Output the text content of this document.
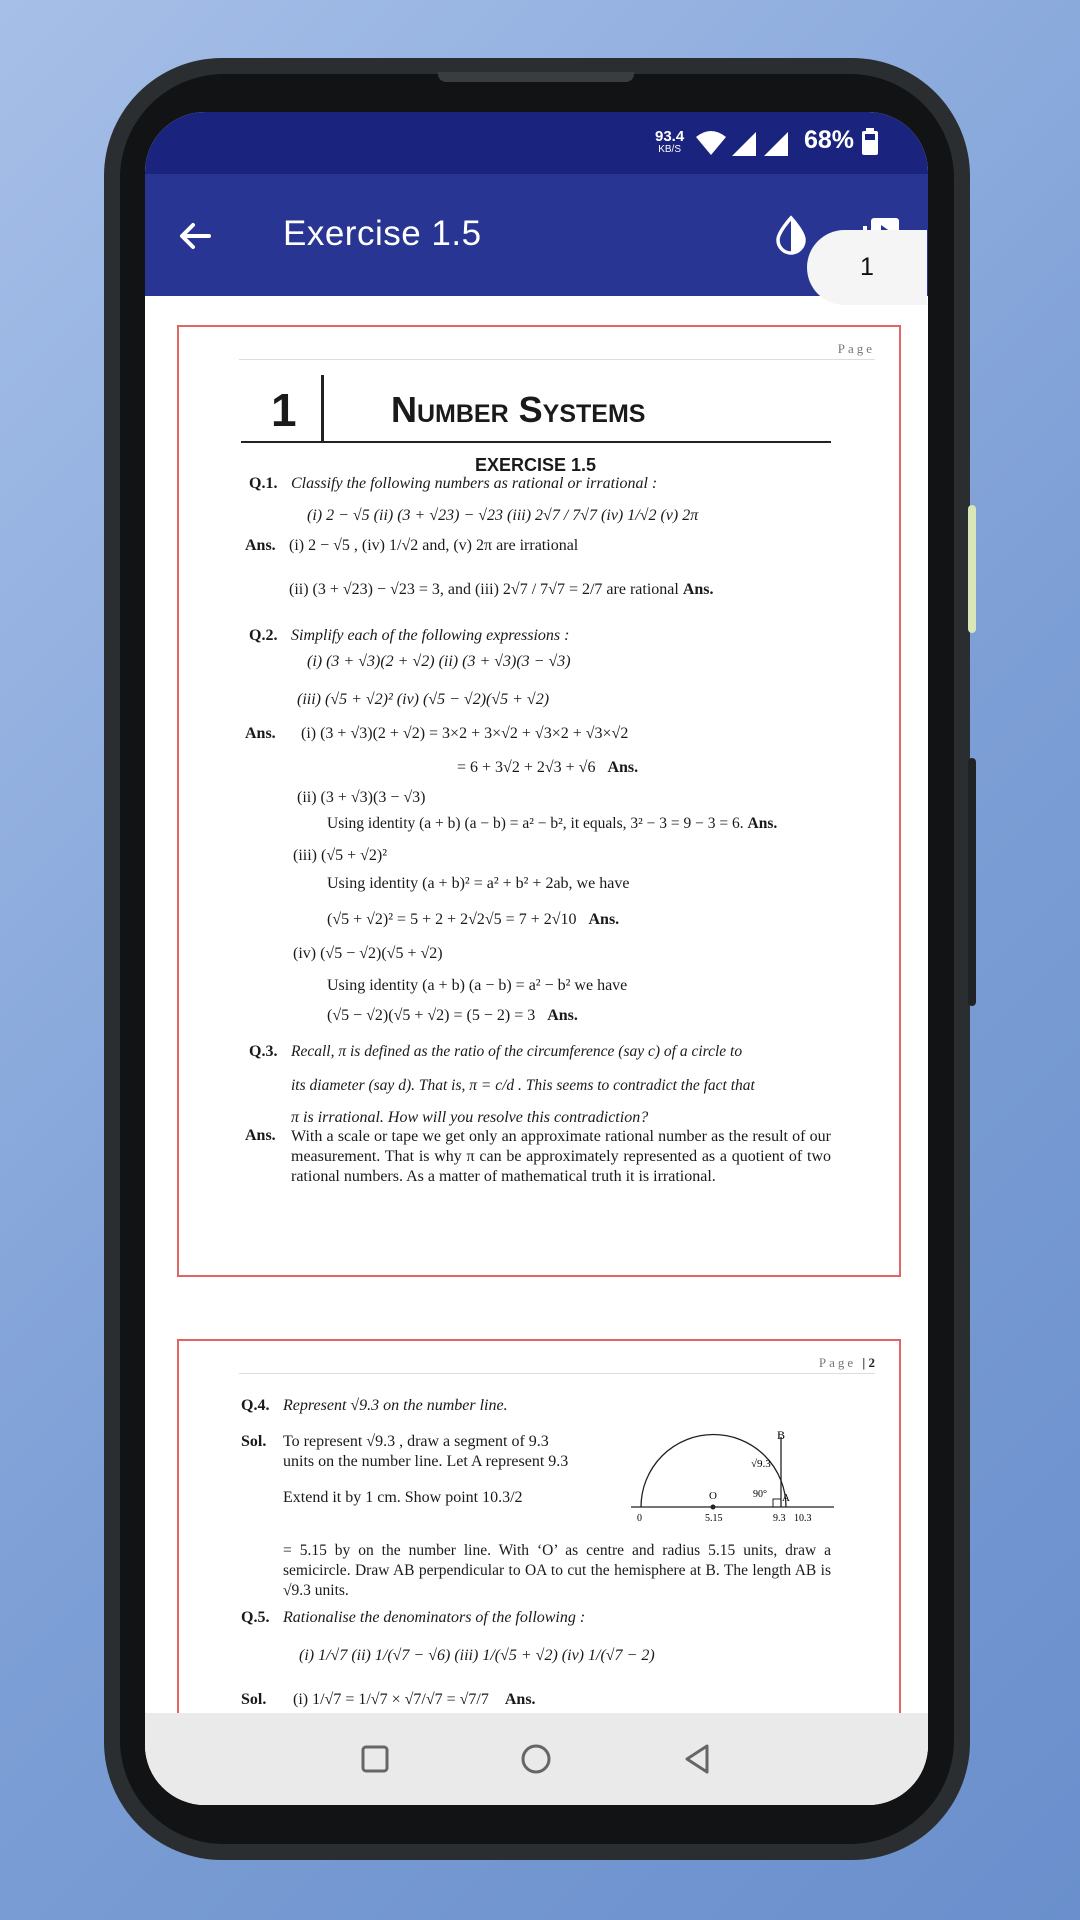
93.4
KB/S	68%
Exercise 1.5
Page
1	Number Systems
EXERCISE 1.5
Q.1. Classify the following numbers as rational or irrational :
(i) 2 − √5 (ii) (3 + √23) − √23 (iii) 2√7 / 7√7 (iv) 1/√2 (v) 2π
Ans. (i) 2 − √5 , (iv) 1/√2 and, (v) 2π are irrational
(ii) (3 + √23) − √23 = 3, and (iii) 2√7 / 7√7 = 2/7 are rational Ans.
Q.2. Simplify each of the following expressions :
(i) (3 + √3)(2 + √2) (ii) (3 + √3)(3 − √3)
(iii) (√5 + √2)² (iv) (√5 − √2)(√5 + √2)
Ans. (i) (3 + √3)(2 + √2) = 3×2 + 3×√2 + √3×2 + √3×√2
= 6 + 3√2 + 2√3 + √6 Ans.
(ii) (3 + √3)(3 − √3)
Using identity (a + b) (a − b) = a² − b², it equals, 3² − 3 = 9 − 3 = 6. Ans.
(iii) (√5 + √2)²
Using identity (a + b)² = a² + b² + 2ab, we have
(√5 + √2)² = 5 + 2 + 2√2√5 = 7 + 2√10 Ans.
(iv) (√5 − √2)(√5 + √2)
Using identity (a + b) (a − b) = a² − b² we have
(√5 − √2)(√5 + √2) = (5 − 2) = 3 Ans.
Q.3. Recall, π is defined as the ratio of the circumference (say c) of a circle to
its diameter (say d). That is, π = c/d . This seems to contradict the fact that
π is irrational. How will you resolve this contradiction?
Ans. With a scale or tape we get only an approximate rational number as the result of our measurement. That is why π can be approximately represented as a quotient of two rational numbers. As a matter of mathematical truth it is irrational.
Page | 2
Q.4. Represent √9.3 on the number line.
Sol. To represent √9.3 , draw a segment of 9.3
units on the number line. Let A represent 9.3
Extend it by 1 cm. Show point 10.3/2
B
O	A
√9.3
90°
0	5.15	9.3 10.3
= 5.15 by on the number line. With ‘O’ as centre and radius 5.15 units, draw a semicircle. Draw AB perpendicular to OA to cut the hemisphere at B. The length AB is √9.3 units.
Q.5. Rationalise the denominators of the following :
(i) 1/√7 (ii) 1/(√7 − √6) (iii) 1/(√5 + √2) (iv) 1/(√7 − 2)
Sol. (i) 1/√7 = 1/√7 × √7/√7 = √7/7 Ans.
1
